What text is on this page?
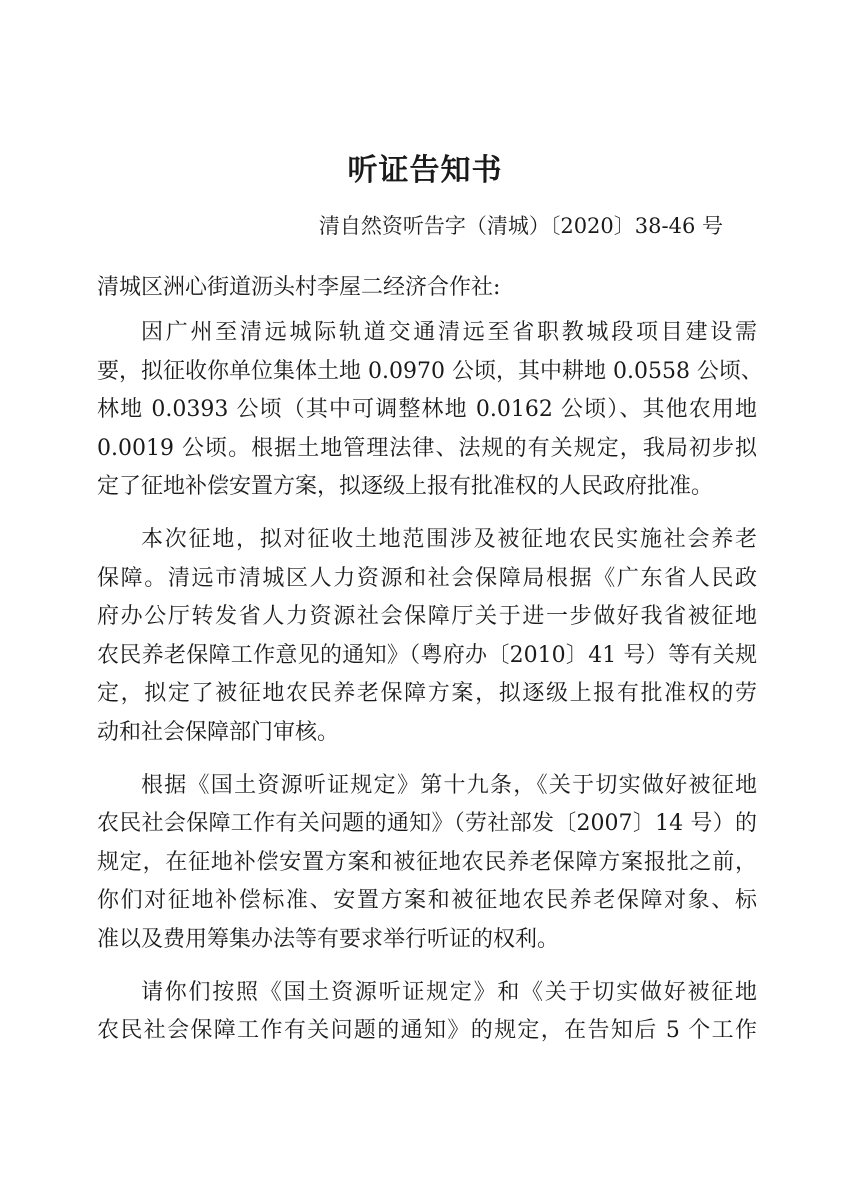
听证告知书
清自然资听告字（清城）〔2020〕38-46 号
清城区洲心街道沥头村李屋二经济合作社:
因广州至清远城际轨道交通清远至省职教城段项目建设需
要，拟征收你单位集体土地 0.0970 公顷，其中耕地 0.0558 公顷、
林地 0.0393 公顷（其中可调整林地 0.0162 公顷）、其他农用地
0.0019 公顷。根据土地管理法律、法规的有关规定，我局初步拟
定了征地补偿安置方案，拟逐级上报有批准权的人民政府批准。
本次征地，拟对征收土地范围涉及被征地农民实施社会养老
保障。清远市清城区人力资源和社会保障局根据《广东省人民政
府办公厅转发省人力资源社会保障厅关于进一步做好我省被征地
农民养老保障工作意见的通知》（粤府办〔2010〕41 号）等有关规
定，拟定了被征地农民养老保障方案，拟逐级上报有批准权的劳
动和社会保障部门审核。
根据《国土资源听证规定》第十九条，《关于切实做好被征地
农民社会保障工作有关问题的通知》（劳社部发〔2007〕14 号）的
规定，在征地补偿安置方案和被征地农民养老保障方案报批之前，
你们对征地补偿标准、安置方案和被征地农民养老保障对象、标
准以及费用筹集办法等有要求举行听证的权利。
请你们按照《国土资源听证规定》和《关于切实做好被征地
农民社会保障工作有关问题的通知》的规定，在告知后 5 个工作
